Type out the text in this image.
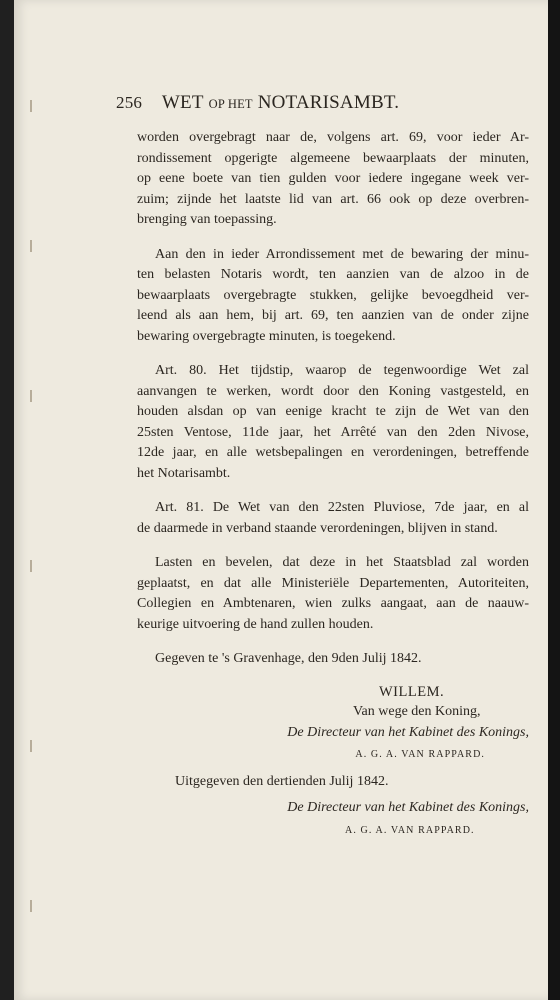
256 WET OP HET NOTARISAMBT.
worden overgebragt naar de, volgens art. 69, voor ieder Ar-
rondissement opgerigte algemeene bewaarplaats der minuten,
op eene boete van tien gulden voor iedere ingegane week ver-
zuim; zijnde het laatste lid van art. 66 ook op deze overbren-
brenging van toepassing.
Aan den in ieder Arrondissement met de bewaring der minu-
ten belasten Notaris wordt, ten aanzien van de alzoo in de
bewaarplaats overgebragte stukken, gelijke bevoegdheid ver-
leend als aan hem, bij art. 69, ten aanzien van de onder zijne
bewaring overgebragte minuten, is toegekend.
Art. 80. Het tijdstip, waarop de tegenwoordige Wet zal
aanvangen te werken, wordt door den Koning vastgesteld, en
houden alsdan op van eenige kracht te zijn de Wet van den
25sten Ventose, 11de jaar, het Arrêté van den 2den Nivose,
12de jaar, en alle wetsbepalingen en verordeningen, betreffende
het Notarisambt.
Art. 81. De Wet van den 22sten Pluviose, 7de jaar, en al
de daarmede in verband staande verordeningen, blijven in stand.
Lasten en bevelen, dat deze in het Staatsblad zal worden
geplaatst, en dat alle Ministeriële Departementen, Autoriteiten,
Collegien en Ambtenaren, wien zulks aangaat, aan de naauw-
keurige uitvoering de hand zullen houden.
Gegeven te 's Gravenhage, den 9den Julij 1842.
WILLEM.
Van wege den Koning,
De Directeur van het Kabinet des Konings,
A. G. A. VAN RAPPARD.
Uitgegeven den dertienden Julij 1842.
De Directeur van het Kabinet des Konings,
A. G. A. VAN RAPPARD.
